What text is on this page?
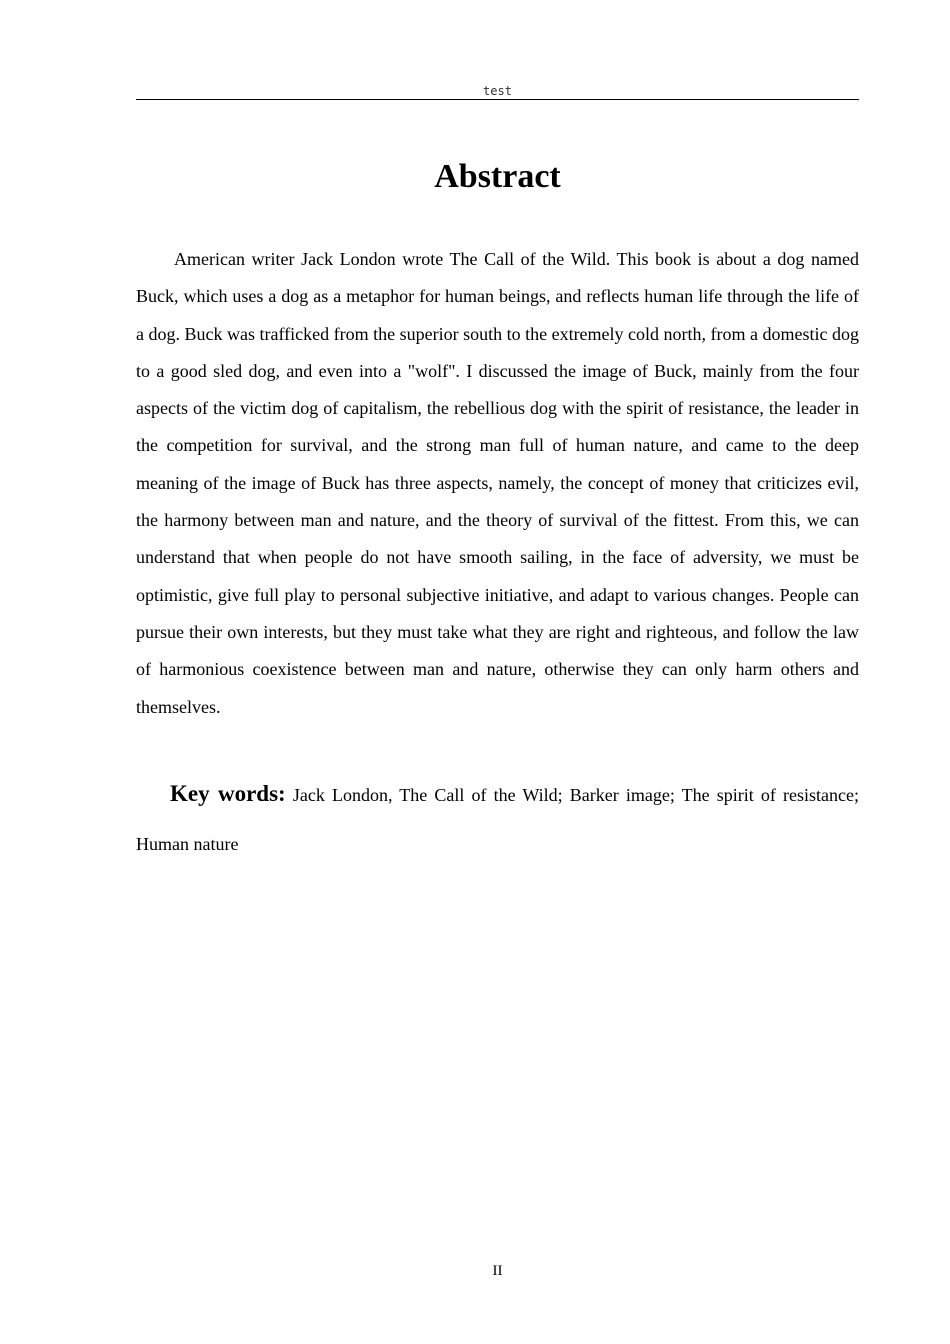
test
Abstract

American writer Jack London wrote The Call of the Wild. This book is about a dog named Buck, which uses a dog as a metaphor for human beings, and reflects human life through the life of a dog. Buck was trafficked from the superior south to the extremely cold north, from a domestic dog to a good sled dog, and even into a "wolf". I discussed the image of Buck, mainly from the four aspects of the victim dog of capitalism, the rebellious dog with the spirit of resistance, the leader in the competition for survival, and the strong man full of human nature, and came to the deep meaning of the image of Buck has three aspects, namely, the concept of money that criticizes evil, the harmony between man and nature, and the theory of survival of the fittest. From this, we can understand that when people do not have smooth sailing, in the face of adversity, we must be optimistic, give full play to personal subjective initiative, and adapt to various changes. People can pursue their own interests, but they must take what they are right and righteous, and follow the law of harmonious coexistence between man and nature, otherwise they can only harm others and themselves.

Key words: Jack London, The Call of the Wild; Barker image; The spirit of resistance; Human nature

II
